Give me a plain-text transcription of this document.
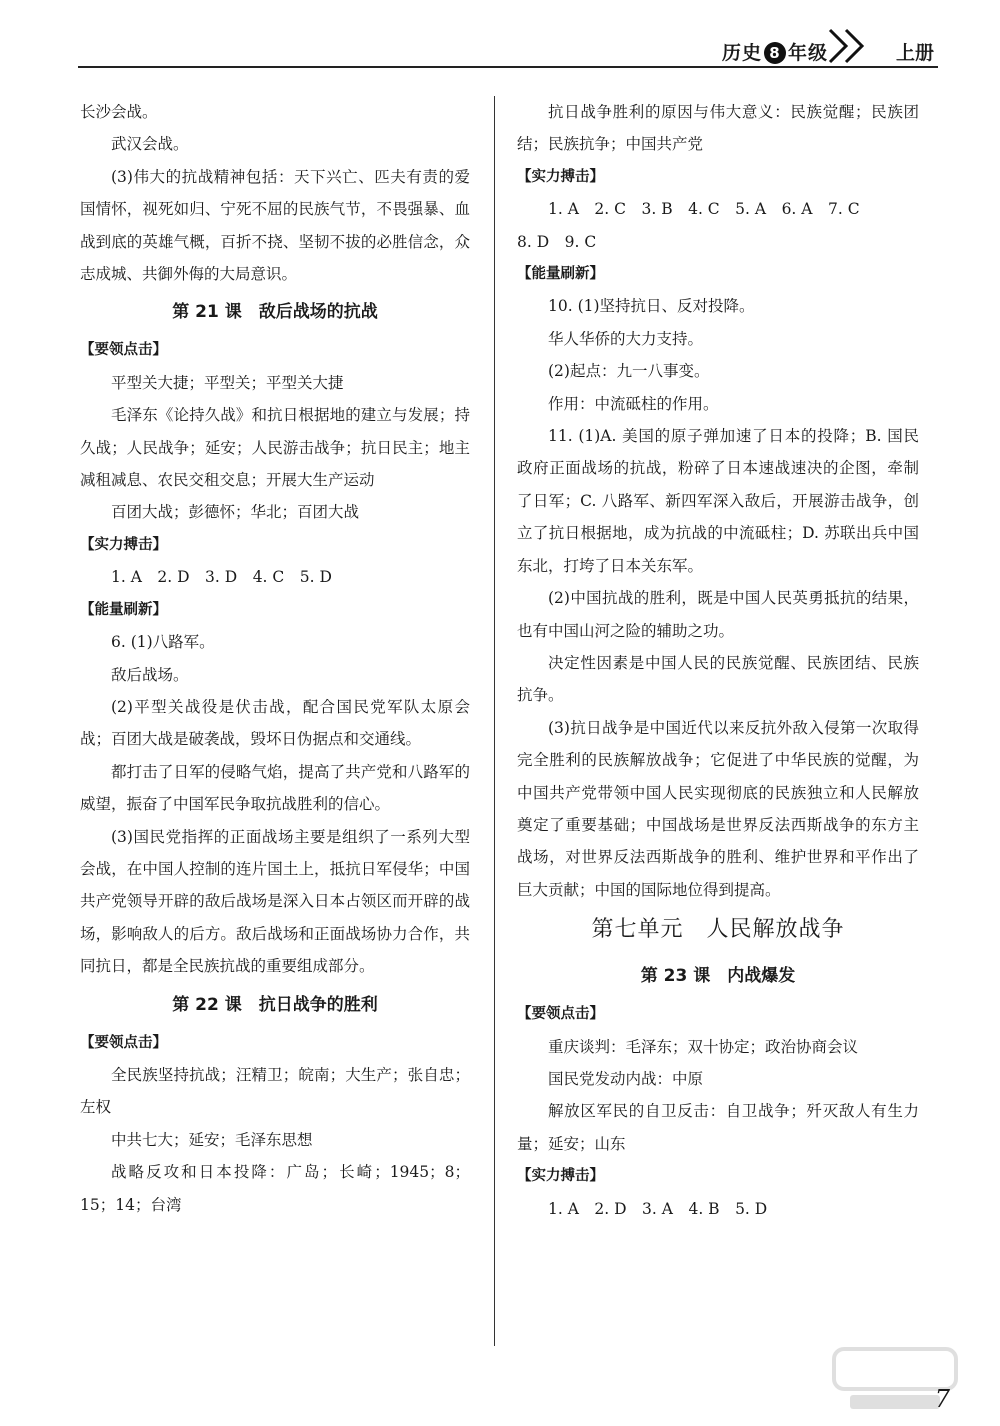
历史 8 年级	上册

长沙会战。

武汉会战。

(3)伟大的抗战精神包括：天下兴亡、匹夫有责的爱国情怀，视死如归、宁死不屈的民族气节，不畏强暴、血战到底的英雄气概，百折不挠、坚韧不拔的必胜信念，众志成城、共御外侮的大局意识。

第 21 课　敌后战场的抗战

【要领点击】

平型关大捷；平型关；平型关大捷

毛泽东《论持久战》和抗日根据地的建立与发展；持久战；人民战争；延安；人民游击战争；抗日民主；地主减租减息、农民交租交息；开展大生产运动

百团大战；彭德怀；华北；百团大战

【实力搏击】

1. A　2. D　3. D　4. C　5. D

【能量刷新】

6. (1)八路军。

敌后战场。

(2)平型关战役是伏击战，配合国民党军队太原会战；百团大战是破袭战，毁坏日伪据点和交通线。

都打击了日军的侵略气焰，提高了共产党和八路军的威望，振奋了中国军民争取抗战胜利的信心。

(3)国民党指挥的正面战场主要是组织了一系列大型会战，在中国人控制的连片国土上，抵抗日军侵华；中国共产党领导开辟的敌后战场是深入日本占领区而开辟的战场，影响敌人的后方。敌后战场和正面战场协力合作，共同抗日，都是全民族抗战的重要组成部分。

第 22 课　抗日战争的胜利

【要领点击】

全民族坚持抗战；汪精卫；皖南；大生产；张自忠；左权

中共七大；延安；毛泽东思想

战略反攻和日本投降：广岛；长崎；1945；8；15；14；台湾

抗日战争胜利的原因与伟大意义：民族觉醒；民族团结；民族抗争；中国共产党

【实力搏击】

1. A　2. C　3. B　4. C　5. A　6. A　7. C

8. D　9. C

【能量刷新】

10. (1)坚持抗日、反对投降。

华人华侨的大力支持。

(2)起点：九一八事变。

作用：中流砥柱的作用。

11. (1)A. 美国的原子弹加速了日本的投降；B. 国民政府正面战场的抗战，粉碎了日本速战速决的企图，牵制了日军；C. 八路军、新四军深入敌后，开展游击战争，创立了抗日根据地，成为抗战的中流砥柱；D. 苏联出兵中国东北，打垮了日本关东军。

(2)中国抗战的胜利，既是中国人民英勇抵抗的结果，也有中国山河之险的辅助之功。

决定性因素是中国人民的民族觉醒、民族团结、民族抗争。

(3)抗日战争是中国近代以来反抗外敌入侵第一次取得完全胜利的民族解放战争；它促进了中华民族的觉醒，为中国共产党带领中国人民实现彻底的民族独立和人民解放奠定了重要基础；中国战场是世界反法西斯战争的东方主战场，对世界反法西斯战争的胜利、维护世界和平作出了巨大贡献；中国的国际地位得到提高。

第七单元　人民解放战争
第 23 课　内战爆发

【要领点击】

重庆谈判：毛泽东；双十协定；政治协商会议

国民党发动内战：中原

解放区军民的自卫反击：自卫战争；歼灭敌人有生力量；延安；山东

【实力搏击】

1. A　2. D　3. A　4. B　5. D

7
